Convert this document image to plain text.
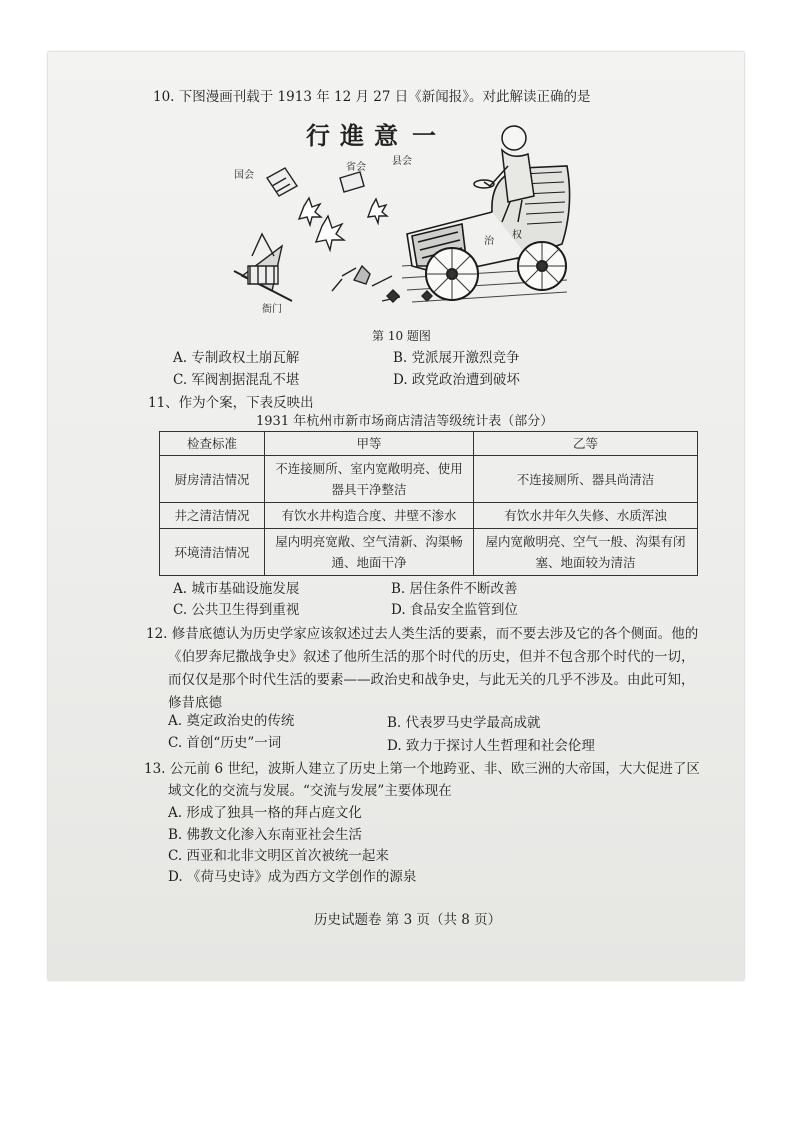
10. 下图漫画刊载于 1913 年 12 月 27 日《新闻报》。对此解读正确的是
行 進 意 一
国会
省会
县会
衙门
治
权
第 10 题图
A. 专制政权土崩瓦解	B. 党派展开激烈竞争
C. 军阀割据混乱不堪	D. 政党政治遭到破坏
11、作为个案，下表反映出
1931 年杭州市新市场商店清洁等级统计表（部分）
检查标准	甲等	乙等
厨房清洁情况	不连接厕所、室内宽敞明亮、使用器具干净整洁	不连接厕所、器具尚清洁
井之清洁情况	有饮水井构造合度、井壁不渗水	有饮水井年久失修、水质浑浊
环境清洁情况	屋内明亮宽敞、空气清新、沟渠畅通、地面干净	屋内宽敞明亮、空气一般、沟渠有闭塞、地面较为清洁
A. 城市基础设施发展	B. 居住条件不断改善
C. 公共卫生得到重视	D. 食品安全监管到位
12. 修昔底德认为历史学家应该叙述过去人类生活的要素，而不要去涉及它的各个侧面。他的
《伯罗奔尼撒战争史》叙述了他所生活的那个时代的历史，但并不包含那个时代的一切，
而仅仅是那个时代生活的要素——政治史和战争史，与此无关的几乎不涉及。由此可知，
修昔底德
A. 奠定政治史的传统	B. 代表罗马史学最高成就
C. 首创“历史”一词	D. 致力于探讨人生哲理和社会伦理
13. 公元前 6 世纪，波斯人建立了历史上第一个地跨亚、非、欧三洲的大帝国，大大促进了区
域文化的交流与发展。“交流与发展”主要体现在
A. 形成了独具一格的拜占庭文化
B. 佛教文化渗入东南亚社会生活
C. 西亚和北非文明区首次被统一起来
D. 《荷马史诗》成为西方文学创作的源泉
历史试题卷 第 3 页（共 8 页）
